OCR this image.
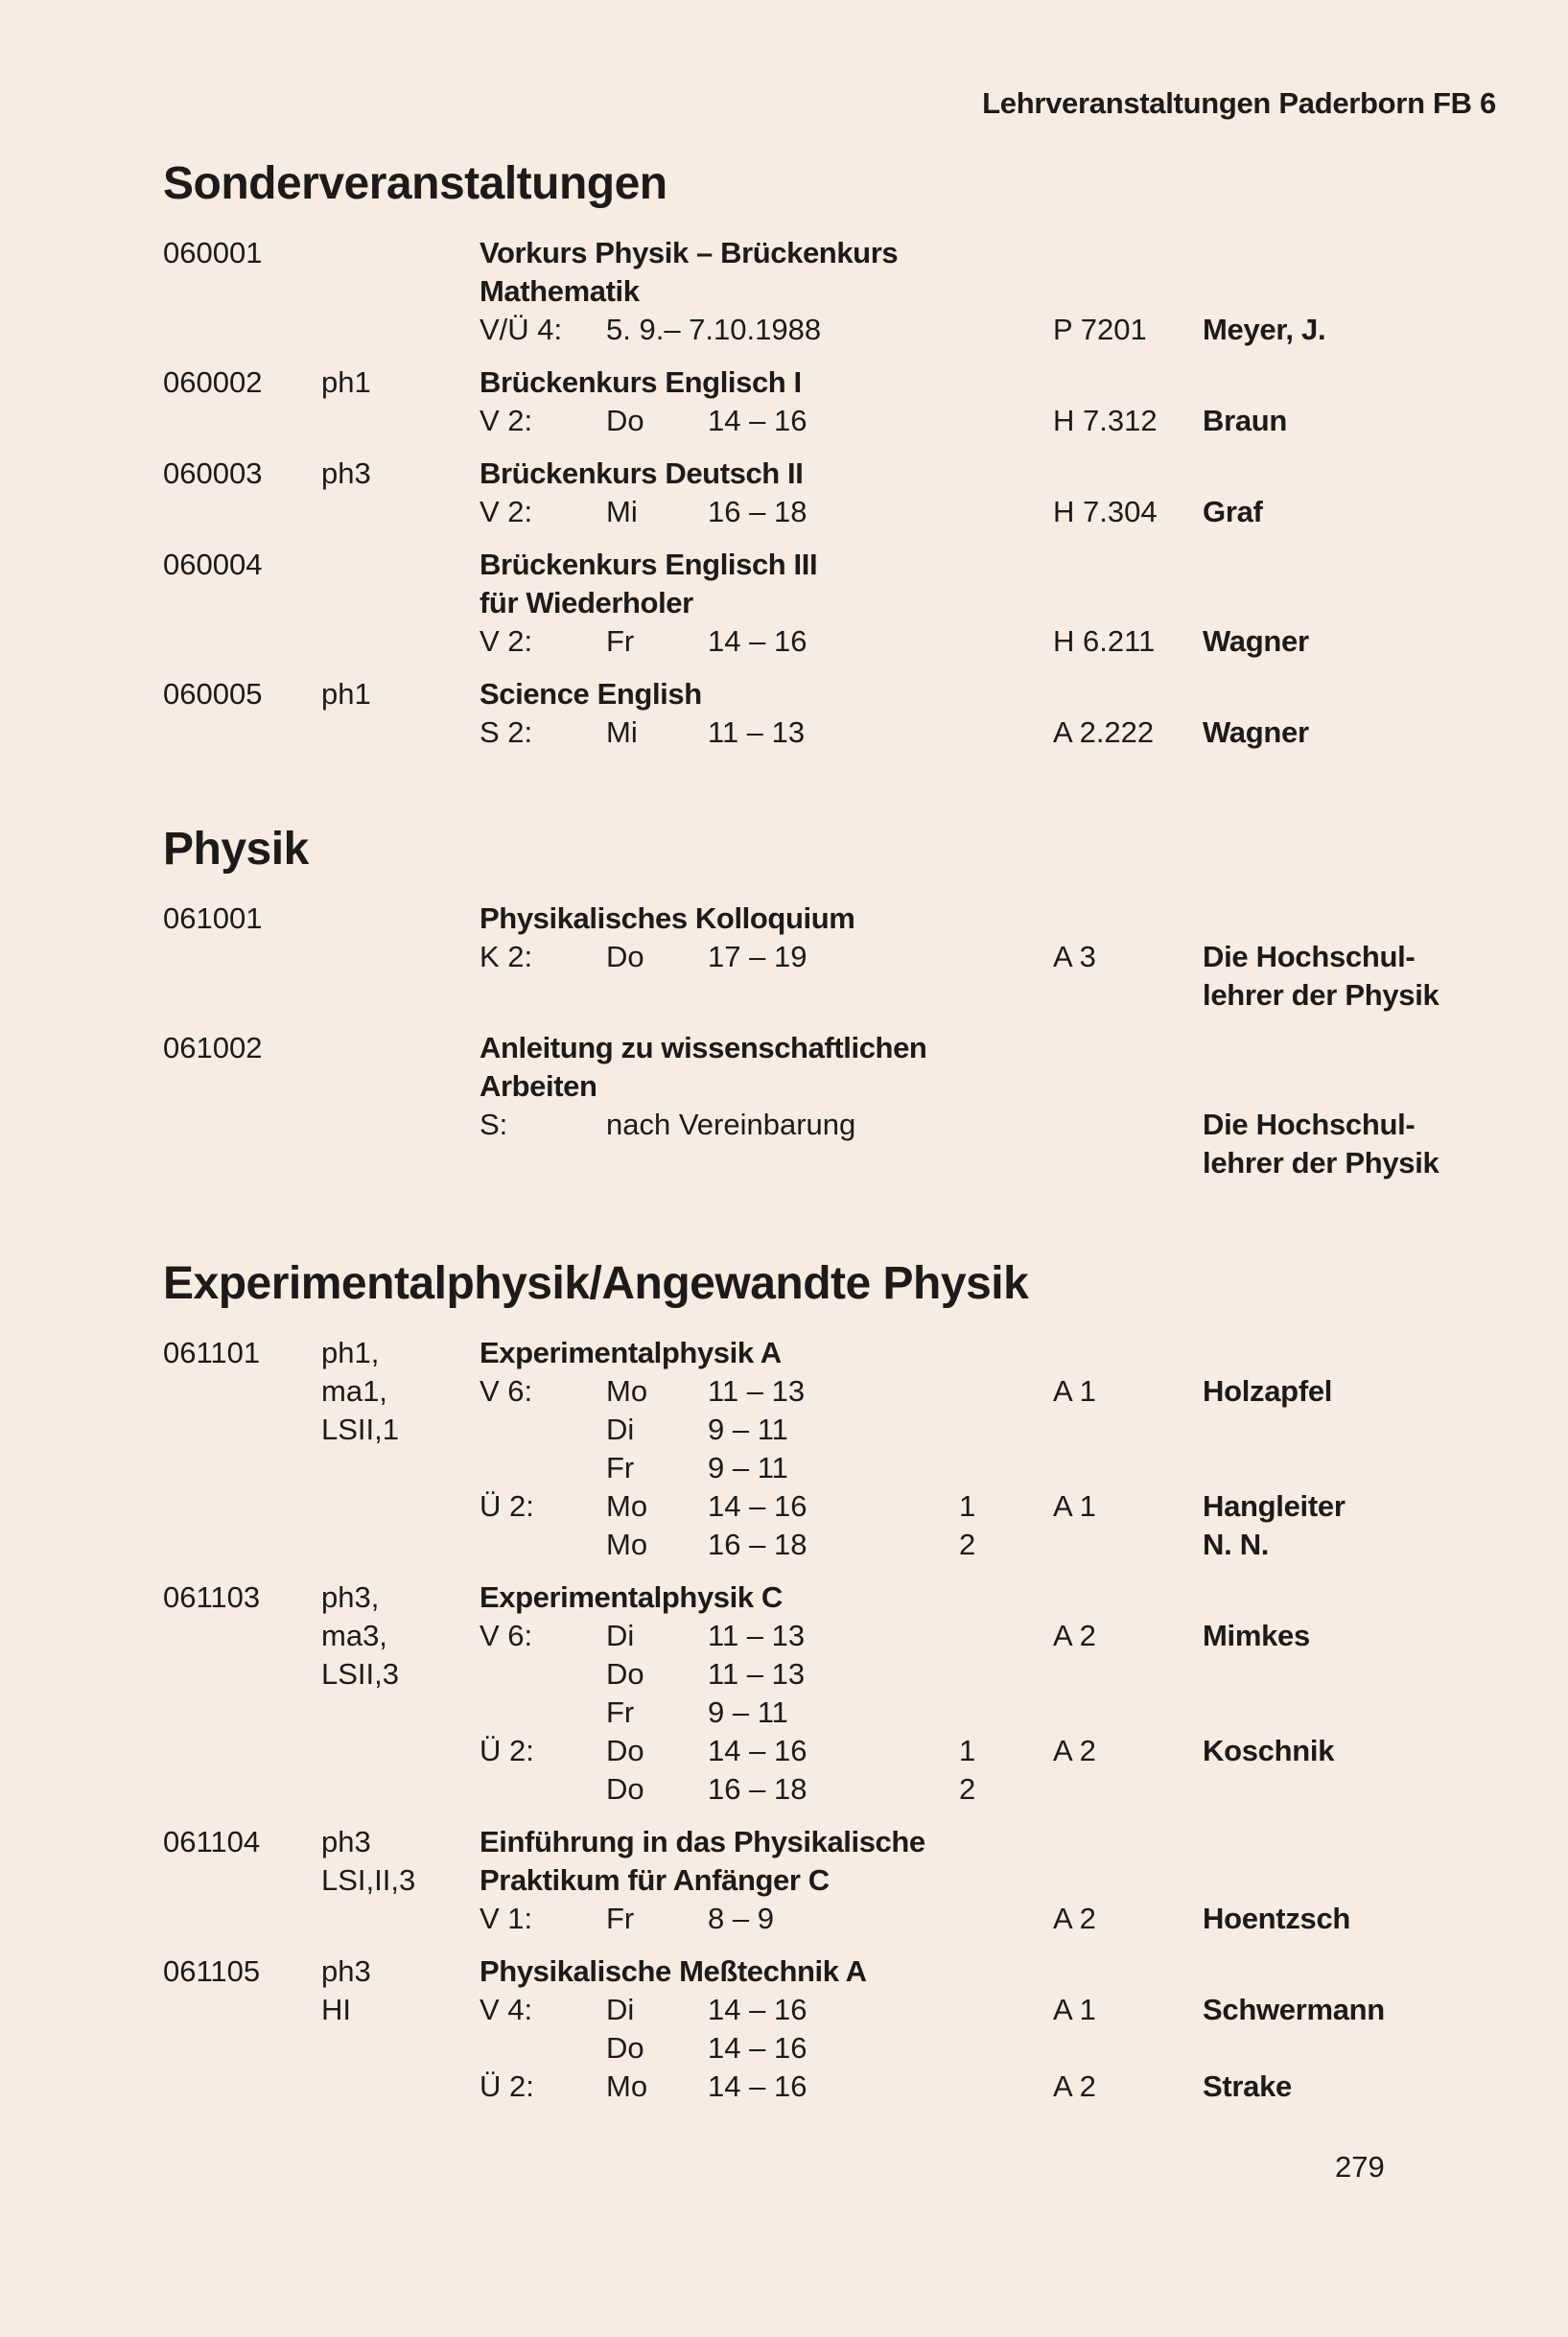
Lehrveranstaltungen Paderborn FB 6
Sonderveranstaltungen
060001	Vorkurs Physik – Brückenkurs
Mathematik
V/Ü 4: 5. 9.– 7.10.1988	P 7201 Meyer, J.
060002 ph1	Brückenkurs Englisch I
V 2: Do 14 – 16	H 7.312 Braun
060003 ph3	Brückenkurs Deutsch II
V 2: Mi 16 – 18	H 7.304 Graf
060004	Brückenkurs Englisch III
für Wiederholer
V 2: Fr 14 – 16	H 6.211 Wagner
060005 ph1	Science English
S 2: Mi 11 – 13	A 2.222 Wagner
Physik
061001	Physikalisches Kolloquium
K 2: Do 17 – 19	A 3	Die Hochschul-
lehrer der Physik
061002	Anleitung zu wissenschaftlichen
Arbeiten
S:	nach Vereinbarung	Die Hochschul-
lehrer der Physik
Experimentalphysik/Angewandte Physik
061101 ph1,	Experimentalphysik A
ma1,	V 6: Mo 11 – 13	A 1	Holzapfel
LSII,1	Di 9 – 11
Fr 9 – 11
Ü 2: Mo 14 – 16	1	A 1	Hangleiter
Mo 16 – 18	2	N. N.
061103 ph3,	Experimentalphysik C
ma3,	V 6: Di 11 – 13	A 2	Mimkes
LSII,3	Do 11 – 13
Fr 9 – 11
Ü 2: Do 14 – 16	1	A 2	Koschnik
Do 16 – 18	2
061104 ph3	Einführung in das Physikalische
LSI,II,3 Praktikum für Anfänger C
V 1: Fr 8 – 9	A 2	Hoentzsch
061105 ph3	Physikalische Meßtechnik A
HI	V 4: Di 14 – 16	A 1	Schwermann
Do 14 – 16
Ü 2: Mo 14 – 16	A 2	Strake
279
